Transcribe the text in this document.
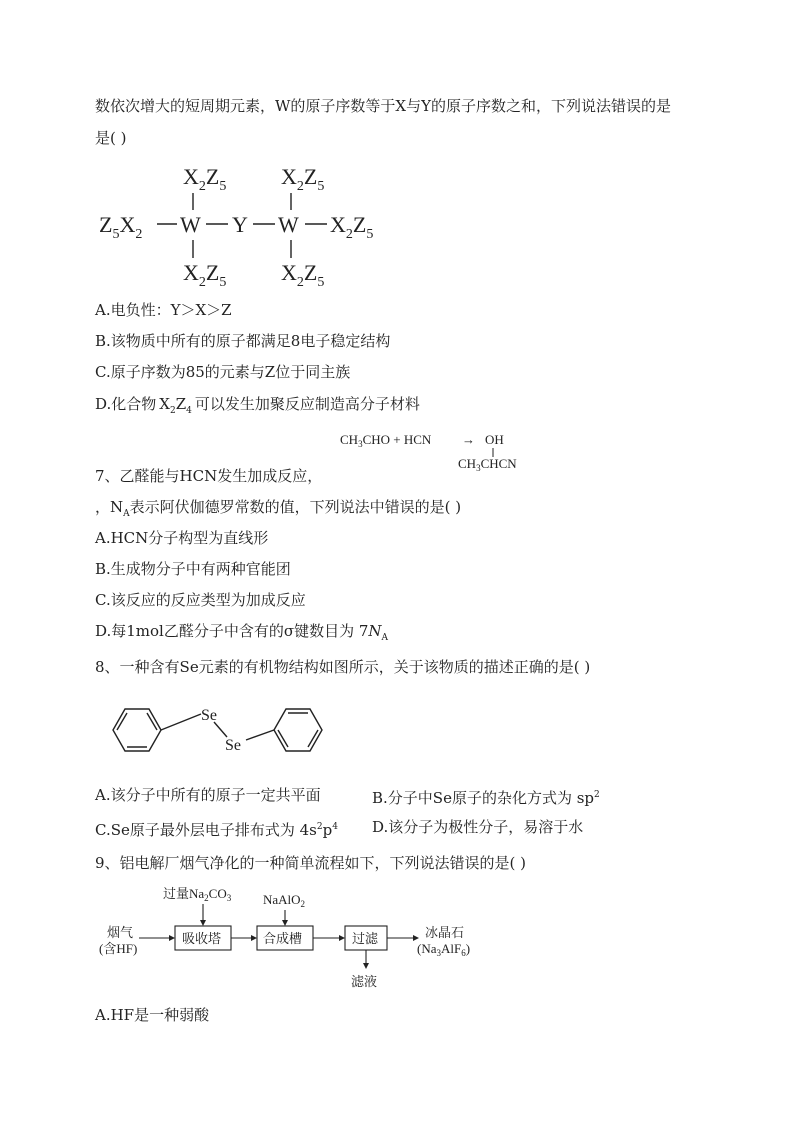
数依次增大的短周期元素，W的原子序数等于X与Y的原子序数之和，下列说法错误的是
是( )
$X_2Z_5$ $X_2Z_5$
$Z_5X_2$ W Y W $X_2Z_5$
$X_2Z_5$ $X_2Z_5$
A.电负性：Y＞X＞Z
B.该物质中所有的原子都满足8电子稳定结构
C.原子序数为85的元素与Z位于同主族
D.化合物 $X_2Z_4$ 可以发生加聚反应制造高分子材料
$CH_3CHO$ + HCN → OH
$CH_3CHCN$
7、乙醛能与HCN发生加成反应，
，$N_A$表示阿伏伽德罗常数的值，下列说法中错误的是( )
A.HCN分子构型为直线形
B.生成物分子中有两种官能团
C.该反应的反应类型为加成反应
D.每1mol乙醛分子中含有的σ键数目为 $7N_A$
8、一种含有Se元素的有机物结构如图所示，关于该物质的描述正确的是( )
Se
Se
A.该分子中所有的原子一定共平面	B.分子中Se原子的杂化方式为 $sp^2$
C.Se原子最外层电子排布式为 $4s^2p^4$ D.该分子为极性分子，易溶于水
9、铝电解厂烟气净化的一种简单流程如下，下列说法错误的是( )
过量$Na_2CO_3$ NaAlO$_2$
烟气
(含HF)
吸收塔	合成槽	过滤	冰晶石
$(Na_3AlF_6)$
滤液
A.HF是一种弱酸
